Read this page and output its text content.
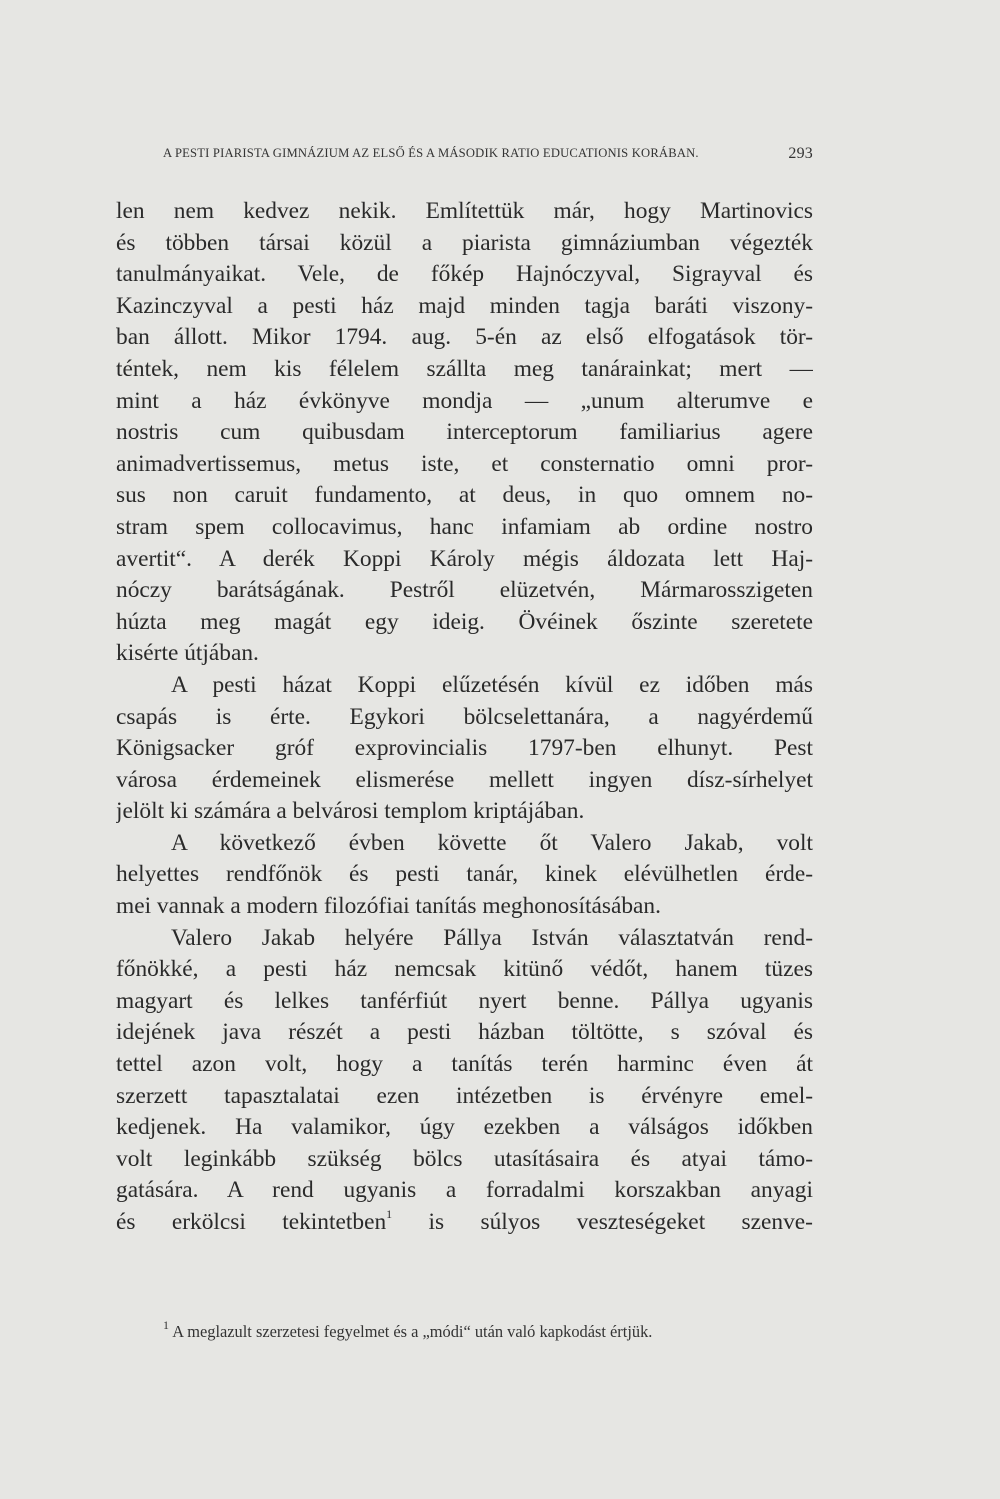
A PESTI PIARISTA GIMNÁZIUM AZ ELSŐ ÉS A MÁSODIK RATIO EDUCATIONIS KORÁBAN.	293
len nem kedvez nekik. Említettük már, hogy Martinovics
és többen társai közül a piarista gimnáziumban végezték
tanulmányaikat. Vele, de főkép Hajnóczyval, Sigrayval és
Kazinczyval a pesti ház majd minden tagja baráti viszony-
ban állott. Mikor 1794. aug. 5-én az első elfogatások tör-
téntek, nem kis félelem szállta meg tanárainkat; mert —
mint a ház évkönyve mondja — „unum alterumve e
nostris cum quibusdam interceptorum familiarius agere
animadvertissemus, metus iste, et consternatio omni pror-
sus non caruit fundamento, at deus, in quo omnem no-
stram spem collocavimus, hanc infamiam ab ordine nostro
avertit“. A derék Koppi Károly mégis áldozata lett Haj-
nóczy barátságának. Pestről elüzetvén, Mármarosszigeten
húzta meg magát egy ideig. Övéinek őszinte szeretete
kisérte útjában.
A pesti házat Koppi elűzetésén kívül ez időben más
csapás is érte. Egykori bölcselettanára, a nagyérdemű
Königsacker gróf exprovincialis 1797-ben elhunyt. Pest
városa érdemeinek elismerése mellett ingyen dísz-sírhelyet
jelölt ki számára a belvárosi templom kriptájában.
A következő évben követte őt Valero Jakab, volt
helyettes rendfőnök és pesti tanár, kinek elévülhetlen érde-
mei vannak a modern filozófiai tanítás meghonosításában.
Valero Jakab helyére Pállya István választatván rend-
főnökké, a pesti ház nemcsak kitünő védőt, hanem tüzes
magyart és lelkes tanférfiút nyert benne. Pállya ugyanis
idejének java részét a pesti házban töltötte, s szóval és
tettel azon volt, hogy a tanítás terén harminc éven át
szerzett tapasztalatai ezen intézetben is érvényre emel-
kedjenek. Ha valamikor, úgy ezekben a válságos időkben
volt leginkább szükség bölcs utasításaira és atyai támo-
gatására. A rend ugyanis a forradalmi korszakban anyagi
és erkölcsi tekintetben$^1$ is súlyos veszteségeket szenve-
$^1$ A meglazult szerzetesi fegyelmet és a „módi“ után való kapkodást értjük.
